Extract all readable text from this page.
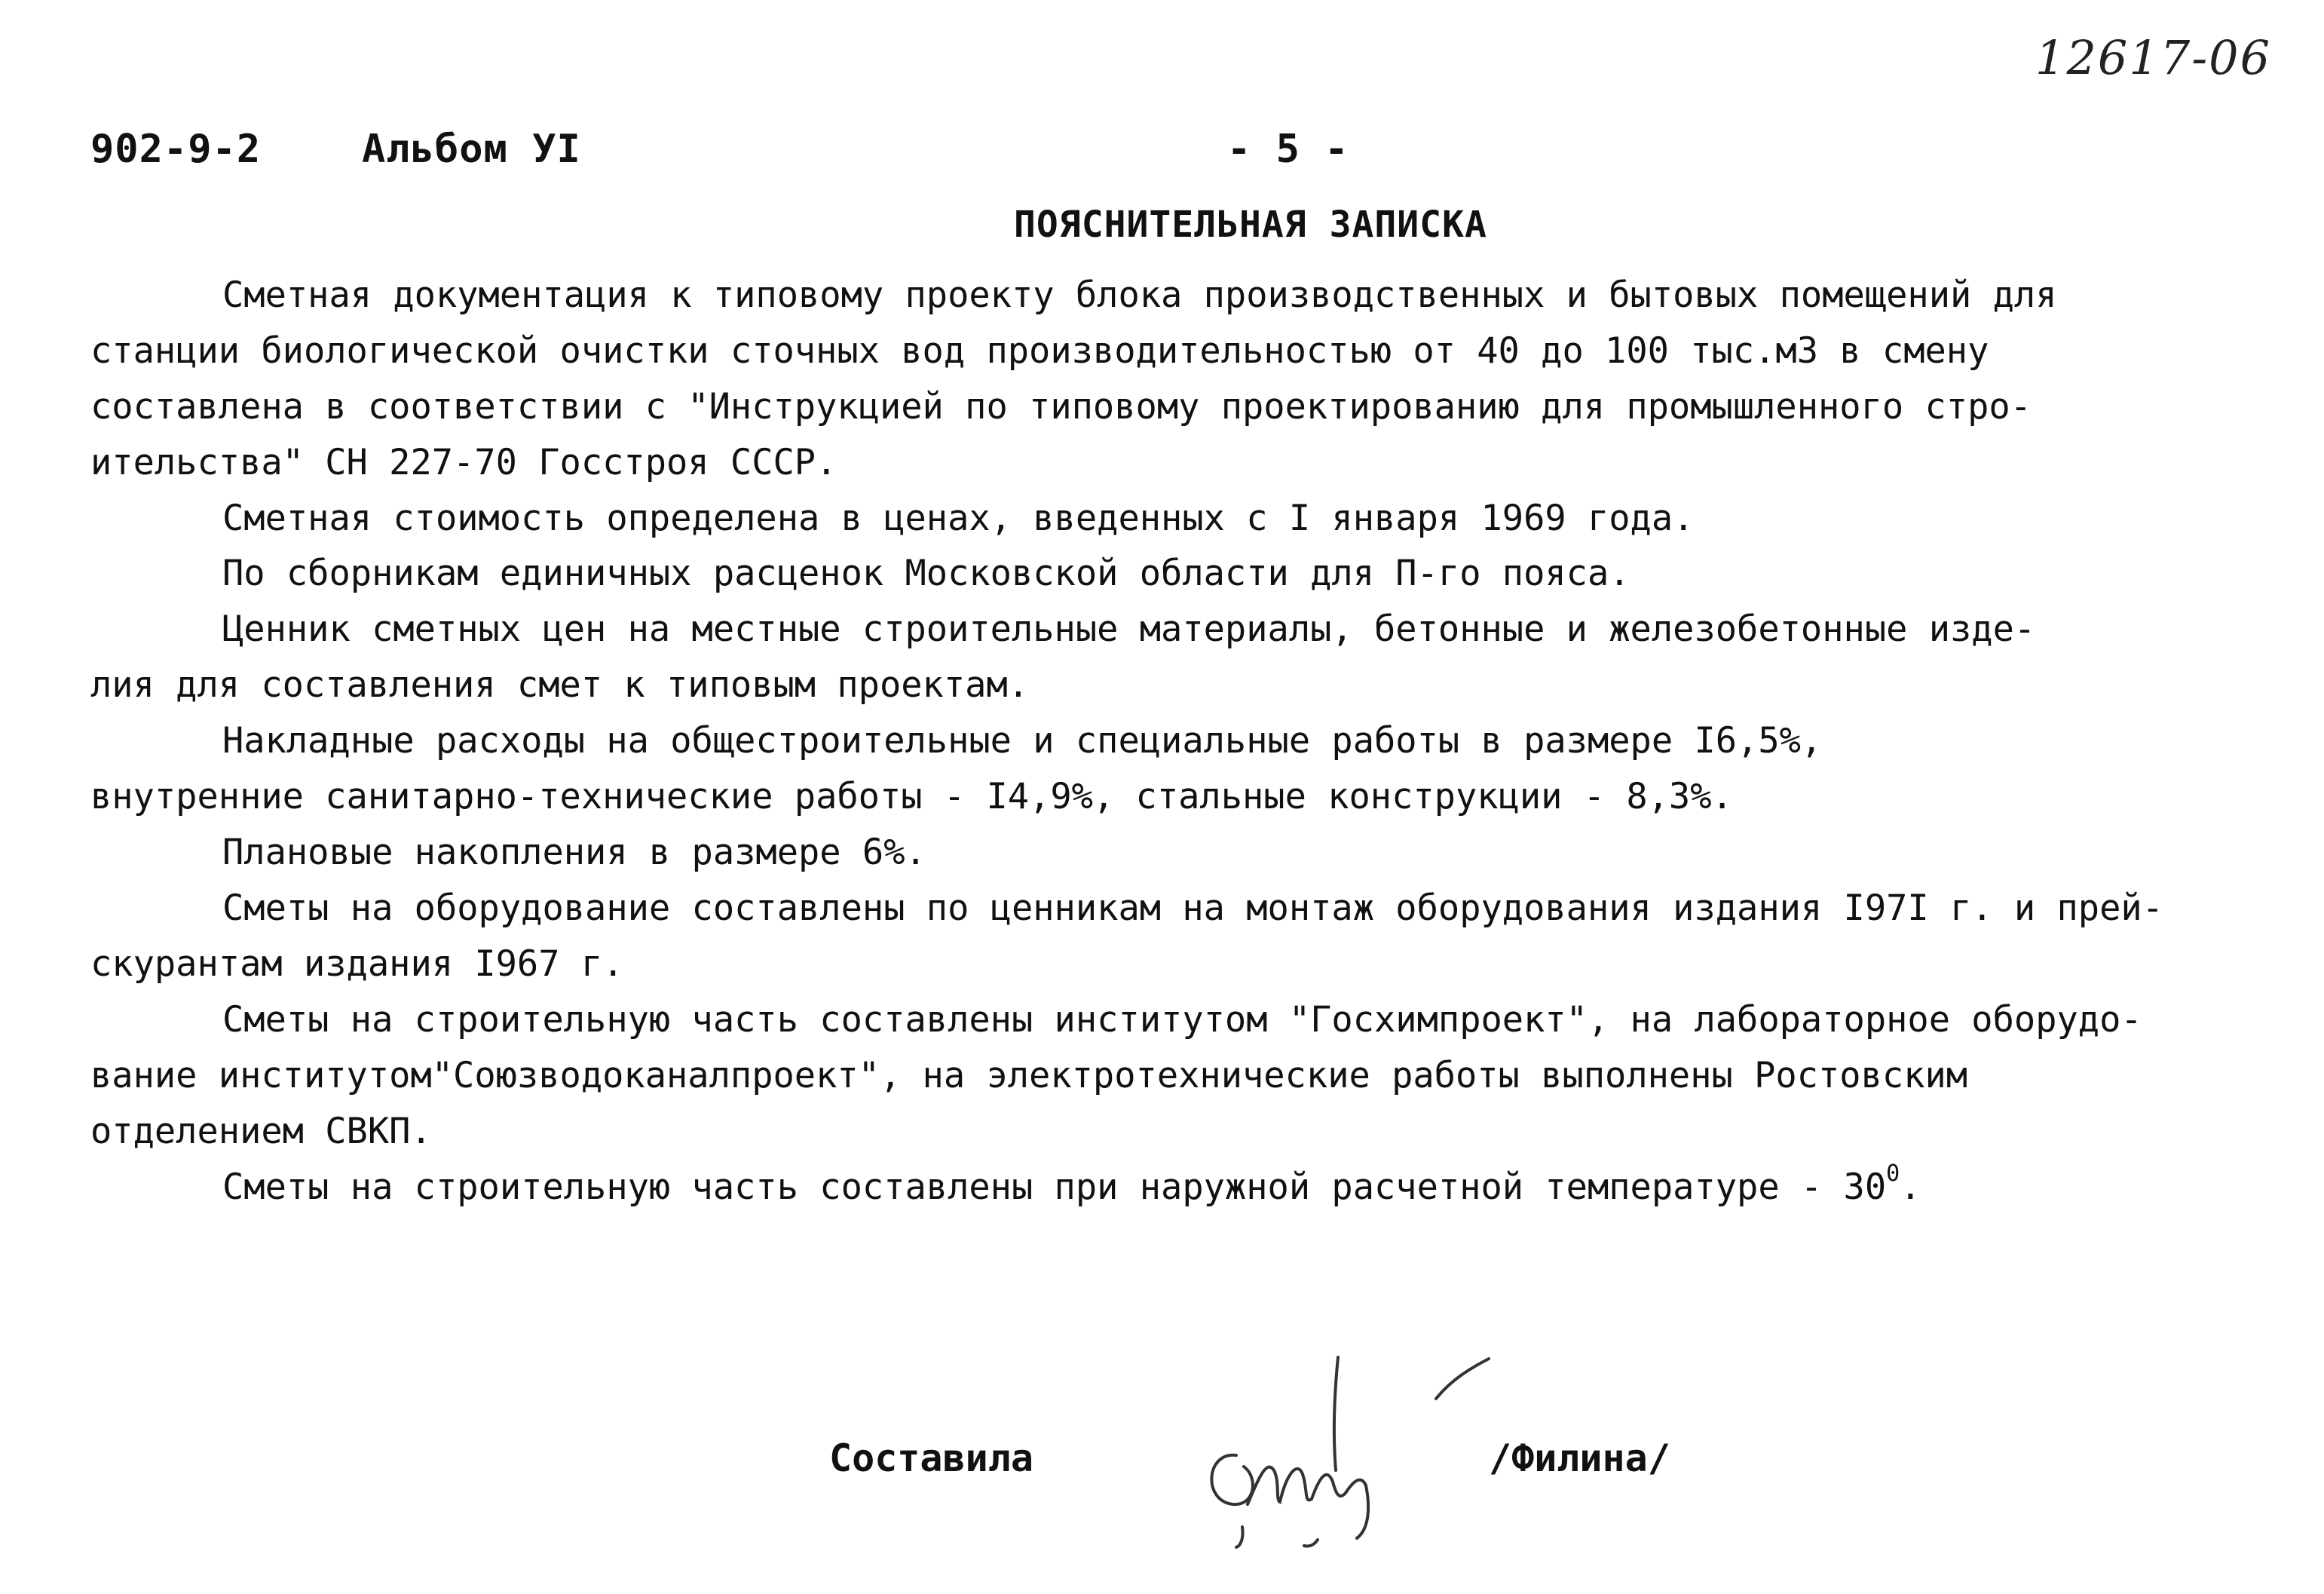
12617-06
902-9-2	Альбом УI	- 5 -
ПОЯСНИТЕЛЬНАЯ ЗАПИСКА
Сметная документация к типовому проекту блока производственных и бытовых помещений для
станции биологической очистки сточных вод производительностью от 40 до 100 тыс.м3 в смену
составлена в соответствии с "Инструкцией по типовому проектированию для промышленного стро-
ительства" СН 227-70 Госстроя СССР.
Сметная стоимость определена в ценах, введенных с I января 1969 года.
По сборникам единичных расценок Московской области для П-го пояса.
Ценник сметных цен на местные строительные материалы, бетонные и железобетонные изде-
лия для составления смет к типовым проектам.
Накладные расходы на общестроительные и специальные работы в размере I6,5%,
внутренние санитарно-технические работы - I4,9%, стальные конструкции - 8,3%.
Плановые накопления в размере 6%.
Сметы на оборудование составлены по ценникам на монтаж оборудования издания I97I г. и прей-
скурантам издания I967 г.
Сметы на строительную часть составлены институтом "Госхимпроект", на лабораторное оборудо-
вание институтом"Союзводоканалпроект", на электротехнические работы выполнены Ростовским
отделением СВКП.
Сметы на строительную часть составлены при наружной расчетной температуре - $30^0$.
Составила	/Филина/
